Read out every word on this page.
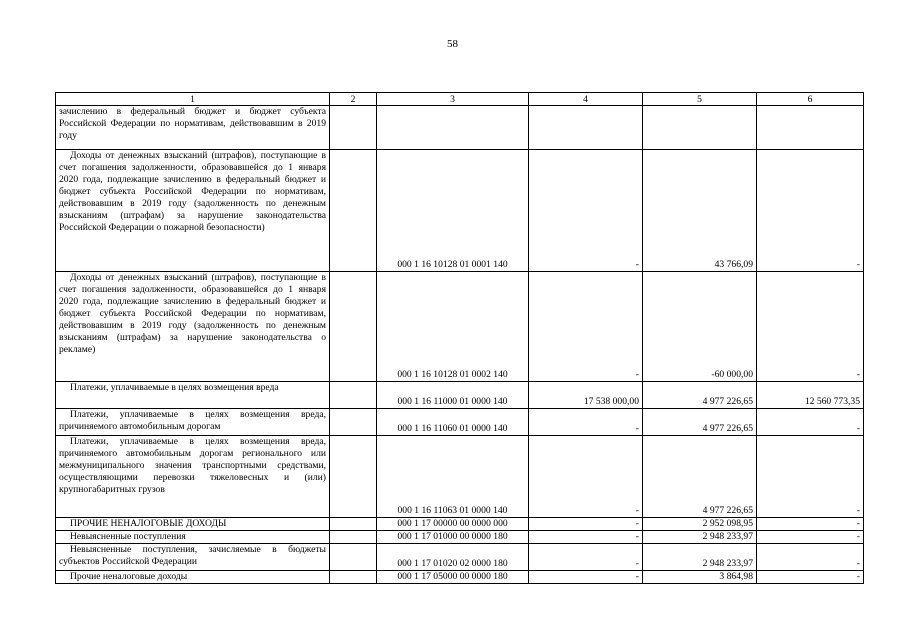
58
1	2	3	4	5	6
зачислению в федеральный бюджет и бюджет субъекта Российской Федерации по нормативам, действовавшим в 2019 году					
Доходы от денежных взысканий (штрафов), поступающие в счет погашения задолженности, образовавшейся до 1 января 2020 года, подлежащие зачислению в федеральный бюджет и бюджет субъекта Российской Федерации по нормативам, действовавшим в 2019 году (задолженность по денежным взысканиям (штрафам) за нарушение законодательства Российской Федерации о пожарной безопасности)		000 1 16 10128 01 0001 140	-	43 766,09	-
Доходы от денежных взысканий (штрафов), поступающие в счет погашения задолженности, образовавшейся до 1 января 2020 года, подлежащие зачислению в федеральный бюджет и бюджет субъекта Российской Федерации по нормативам, действовавшим в 2019 году (задолженность по денежным взысканиям (штрафам) за нарушение законодательства о рекламе)		000 1 16 10128 01 0002 140	-	-60 000,00	-
Платежи, уплачиваемые в целях возмещения вреда		000 1 16 11000 01 0000 140	17 538 000,00	4 977 226,65	12 560 773,35
Платежи, уплачиваемые в целях возмещения вреда, причиняемого автомобильным дорогам		000 1 16 11060 01 0000 140	-	4 977 226,65	-
Платежи, уплачиваемые в целях возмещения вреда, причиняемого автомобильным дорогам регионального или межмуниципального значения транспортными средствами, осуществляющими перевозки тяжеловесных и (или) крупногабаритных грузов		000 1 16 11063 01 0000 140	-	4 977 226,65	-
ПРОЧИЕ НЕНАЛОГОВЫЕ ДОХОДЫ		000 1 17 00000 00 0000 000	-	2 952 098,95	-
Невыясненные поступления		000 1 17 01000 00 0000 180	-	2 948 233,97	-
Невыясненные поступления, зачисляемые в бюджеты субъектов Российской Федерации		000 1 17 01020 02 0000 180	-	2 948 233,97	-
Прочие неналоговые доходы		000 1 17 05000 00 0000 180	-	3 864,98	-
